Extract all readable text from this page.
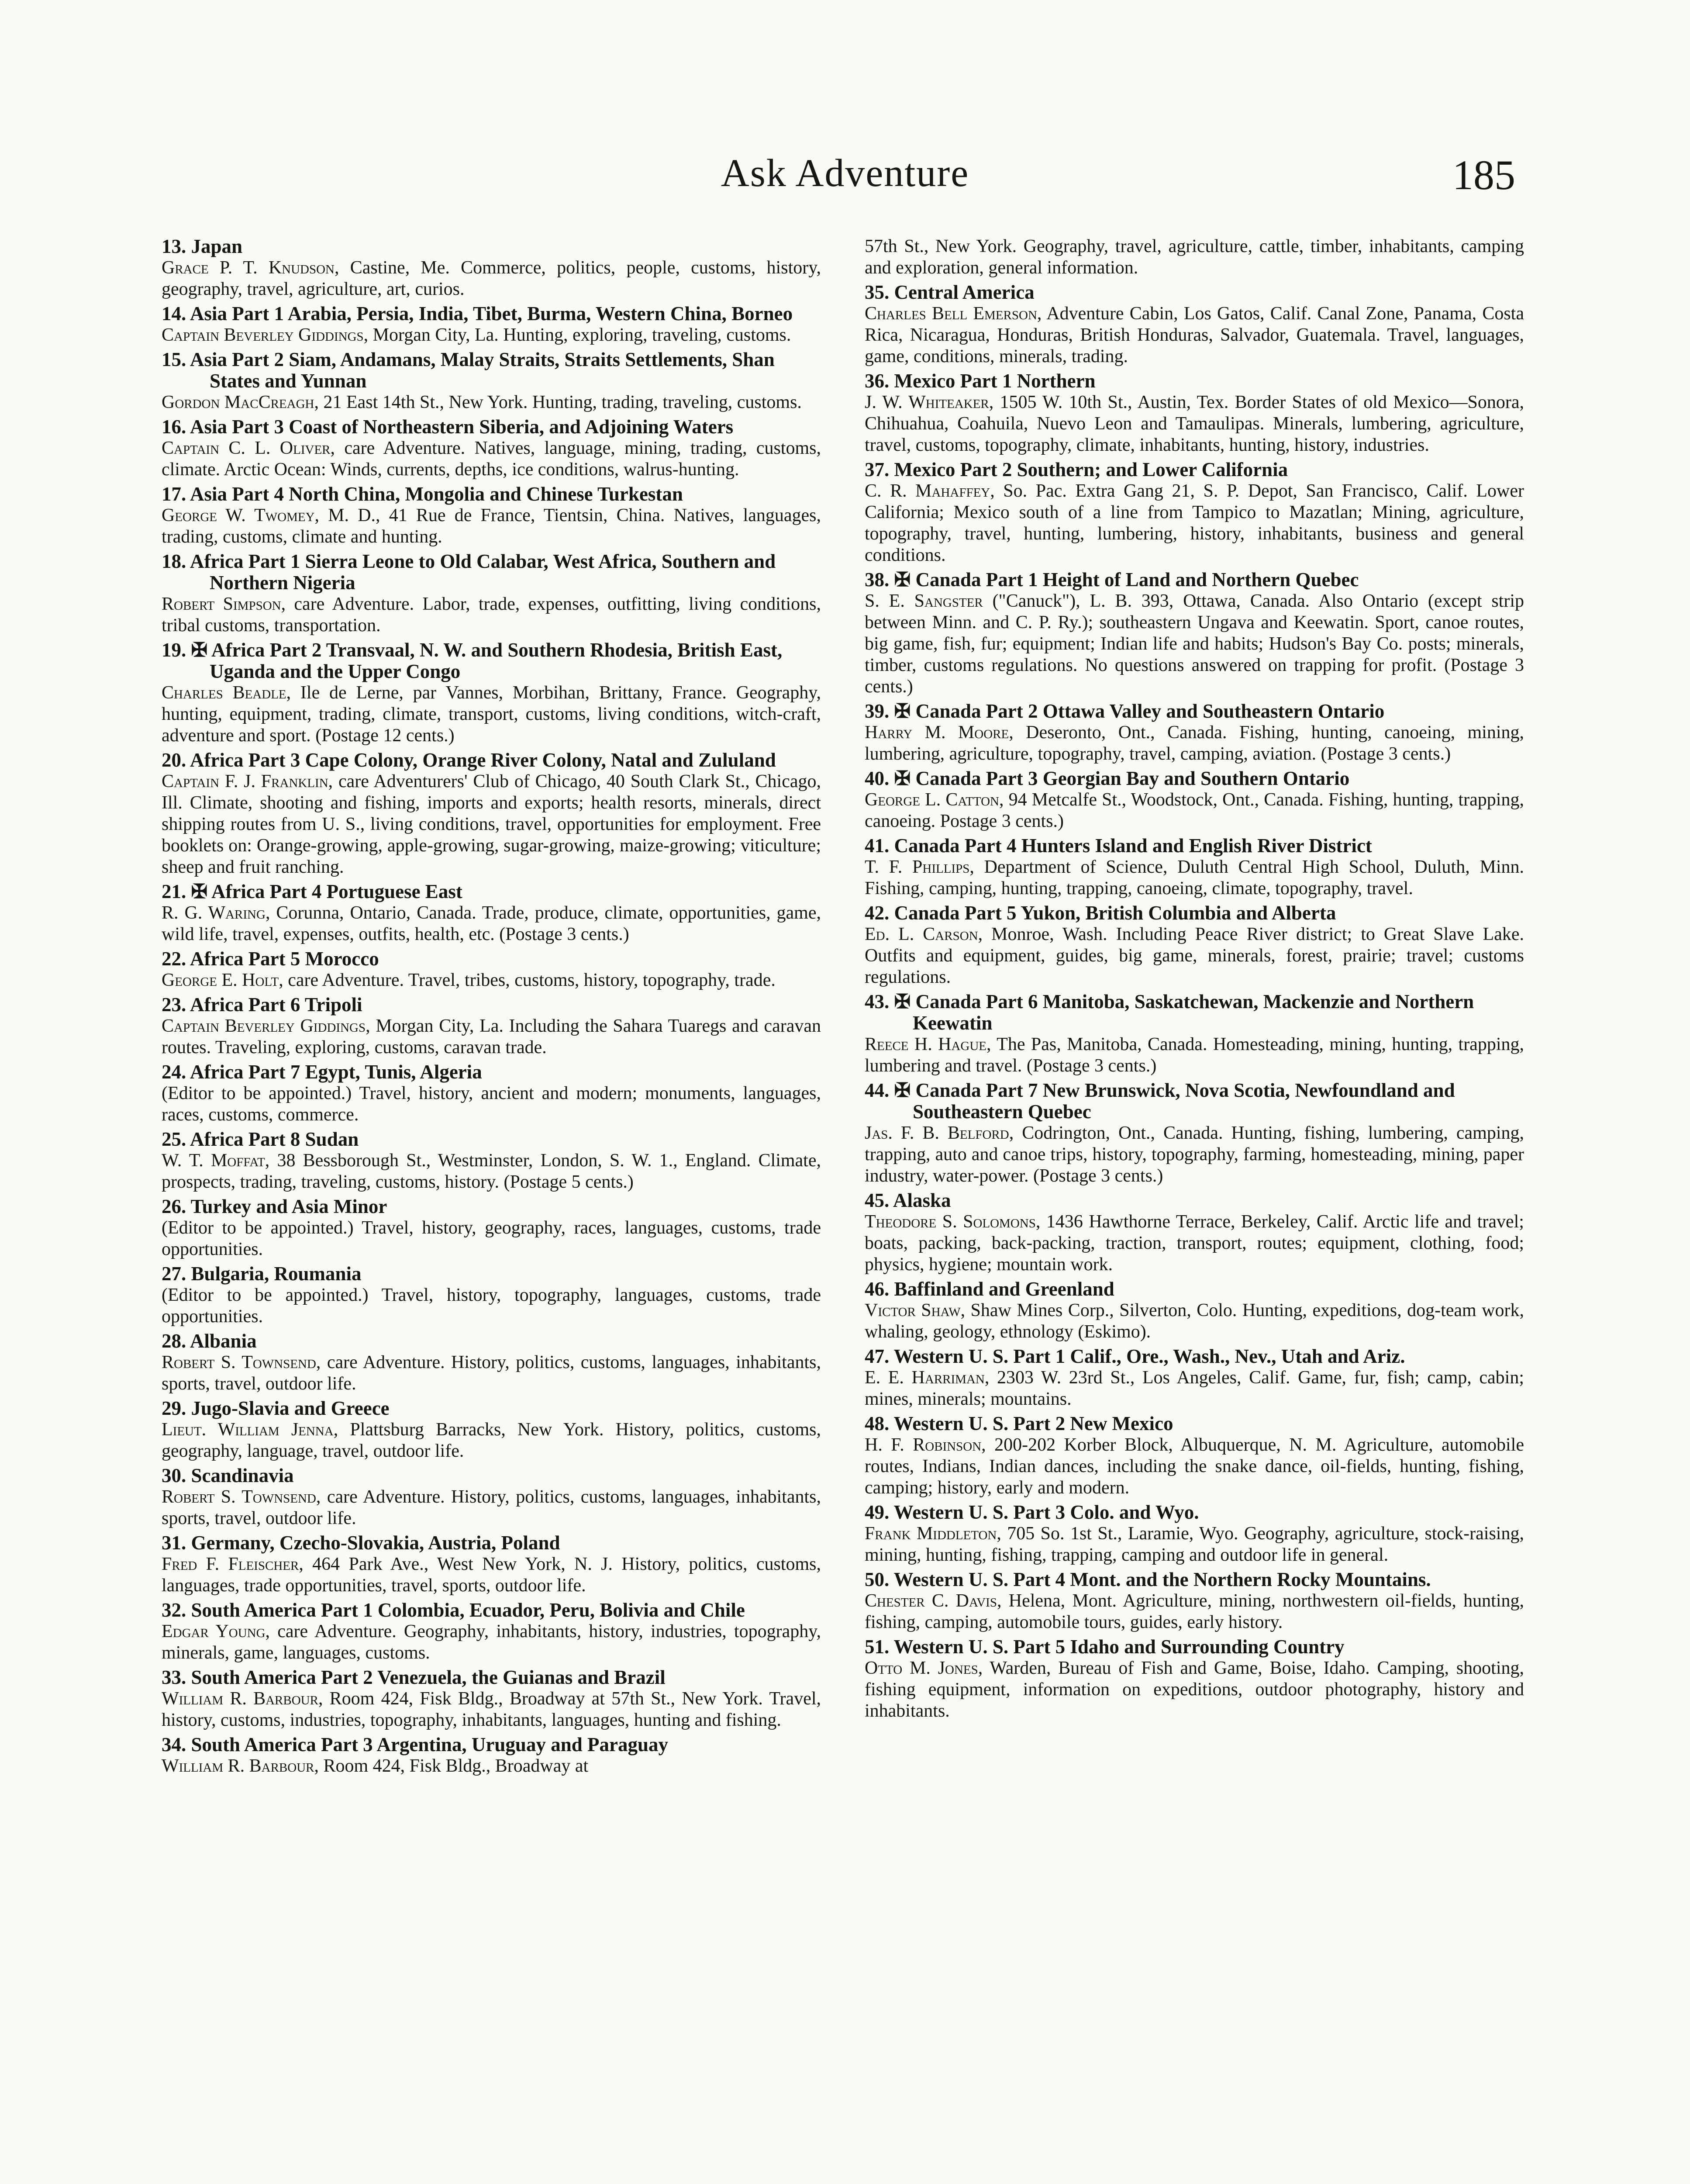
Ask Adventure	185
13. Japan
Grace P. T. Knudson, Castine, Me. Commerce, politics, people, customs, history, geography, travel, agriculture, art, curios.
14. Asia Part 1 Arabia, Persia, India, Tibet, Burma, Western China, Borneo
Captain Beverley Giddings, Morgan City, La. Hunting, exploring, traveling, customs.
15. Asia Part 2 Siam, Andamans, Malay Straits, Straits Settlements, Shan States and Yunnan
Gordon MacCreagh, 21 East 14th St., New York. Hunting, trading, traveling, customs.
16. Asia Part 3 Coast of Northeastern Siberia, and Adjoining Waters
Captain C. L. Oliver, care Adventure. Natives, language, mining, trading, customs, climate. Arctic Ocean: Winds, currents, depths, ice conditions, walrus-hunting.
17. Asia Part 4 North China, Mongolia and Chinese Turkestan
George W. Twomey, M. D., 41 Rue de France, Tientsin, China. Natives, languages, trading, customs, climate and hunting.
18. Africa Part 1 Sierra Leone to Old Calabar, West Africa, Southern and Northern Nigeria
Robert Simpson, care Adventure. Labor, trade, expenses, outfitting, living conditions, tribal customs, transportation.
19. ✠ Africa Part 2 Transvaal, N. W. and Southern Rhodesia, British East, Uganda and the Upper Congo
Charles Beadle, Ile de Lerne, par Vannes, Morbihan, Brittany, France. Geography, hunting, equipment, trading, climate, transport, customs, living conditions, witch-craft, adventure and sport. (Postage 12 cents.)
20. Africa Part 3 Cape Colony, Orange River Colony, Natal and Zululand
Captain F. J. Franklin, care Adventurers' Club of Chicago, 40 South Clark St., Chicago, Ill. Climate, shooting and fishing, imports and exports; health resorts, minerals, direct shipping routes from U. S., living conditions, travel, opportunities for employment. Free booklets on: Orange-growing, apple-growing, sugar-growing, maize-growing; viticulture; sheep and fruit ranching.
21. ✠ Africa Part 4 Portuguese East
R. G. Waring, Corunna, Ontario, Canada. Trade, produce, climate, opportunities, game, wild life, travel, expenses, outfits, health, etc. (Postage 3 cents.)
22. Africa Part 5 Morocco
George E. Holt, care Adventure. Travel, tribes, customs, history, topography, trade.
23. Africa Part 6 Tripoli
Captain Beverley Giddings, Morgan City, La. Including the Sahara Tuaregs and caravan routes. Traveling, exploring, customs, caravan trade.
24. Africa Part 7 Egypt, Tunis, Algeria
(Editor to be appointed.) Travel, history, ancient and modern; monuments, languages, races, customs, commerce.
25. Africa Part 8 Sudan
W. T. Moffat, 38 Bessborough St., Westminster, London, S. W. 1., England. Climate, prospects, trading, traveling, customs, history. (Postage 5 cents.)
26. Turkey and Asia Minor
(Editor to be appointed.) Travel, history, geography, races, languages, customs, trade opportunities.
27. Bulgaria, Roumania
(Editor to be appointed.) Travel, history, topography, languages, customs, trade opportunities.
28. Albania
Robert S. Townsend, care Adventure. History, politics, customs, languages, inhabitants, sports, travel, outdoor life.
29. Jugo-Slavia and Greece
Lieut. William Jenna, Plattsburg Barracks, New York. History, politics, customs, geography, language, travel, outdoor life.
30. Scandinavia
Robert S. Townsend, care Adventure. History, politics, customs, languages, inhabitants, sports, travel, outdoor life.
31. Germany, Czecho-Slovakia, Austria, Poland
Fred F. Fleischer, 464 Park Ave., West New York, N. J. History, politics, customs, languages, trade opportunities, travel, sports, outdoor life.
32. South America Part 1 Colombia, Ecuador, Peru, Bolivia and Chile
Edgar Young, care Adventure. Geography, inhabitants, history, industries, topography, minerals, game, languages, customs.
33. South America Part 2 Venezuela, the Guianas and Brazil
William R. Barbour, Room 424, Fisk Bldg., Broadway at 57th St., New York. Travel, history, customs, industries, topography, inhabitants, languages, hunting and fishing.
34. South America Part 3 Argentina, Uruguay and Paraguay
William R. Barbour, Room 424, Fisk Bldg., Broadway at
57th St., New York. Geography, travel, agriculture, cattle, timber, inhabitants, camping and exploration, general information.
35. Central America
Charles Bell Emerson, Adventure Cabin, Los Gatos, Calif. Canal Zone, Panama, Costa Rica, Nicaragua, Honduras, British Honduras, Salvador, Guatemala. Travel, languages, game, conditions, minerals, trading.
36. Mexico Part 1 Northern
J. W. Whiteaker, 1505 W. 10th St., Austin, Tex. Border States of old Mexico—Sonora, Chihuahua, Coahuila, Nuevo Leon and Tamaulipas. Minerals, lumbering, agriculture, travel, customs, topography, climate, inhabitants, hunting, history, industries.
37. Mexico Part 2 Southern; and Lower California
C. R. Mahaffey, So. Pac. Extra Gang 21, S. P. Depot, San Francisco, Calif. Lower California; Mexico south of a line from Tampico to Mazatlan; Mining, agriculture, topography, travel, hunting, lumbering, history, inhabitants, business and general conditions.
38. ✠ Canada Part 1 Height of Land and Northern Quebec
S. E. Sangster ("Canuck"), L. B. 393, Ottawa, Canada. Also Ontario (except strip between Minn. and C. P. Ry.); southeastern Ungava and Keewatin. Sport, canoe routes, big game, fish, fur; equipment; Indian life and habits; Hudson's Bay Co. posts; minerals, timber, customs regulations. No questions answered on trapping for profit. (Postage 3 cents.)
39. ✠ Canada Part 2 Ottawa Valley and Southeastern Ontario
Harry M. Moore, Deseronto, Ont., Canada. Fishing, hunting, canoeing, mining, lumbering, agriculture, topography, travel, camping, aviation. (Postage 3 cents.)
40. ✠ Canada Part 3 Georgian Bay and Southern Ontario
George L. Catton, 94 Metcalfe St., Woodstock, Ont., Canada. Fishing, hunting, trapping, canoeing. Postage 3 cents.)
41. Canada Part 4 Hunters Island and English River District
T. F. Phillips, Department of Science, Duluth Central High School, Duluth, Minn. Fishing, camping, hunting, trapping, canoeing, climate, topography, travel.
42. Canada Part 5 Yukon, British Columbia and Alberta
Ed. L. Carson, Monroe, Wash. Including Peace River district; to Great Slave Lake. Outfits and equipment, guides, big game, minerals, forest, prairie; travel; customs regulations.
43. ✠ Canada Part 6 Manitoba, Saskatchewan, Mackenzie and Northern Keewatin
Reece H. Hague, The Pas, Manitoba, Canada. Homesteading, mining, hunting, trapping, lumbering and travel. (Postage 3 cents.)
44. ✠ Canada Part 7 New Brunswick, Nova Scotia, Newfoundland and Southeastern Quebec
Jas. F. B. Belford, Codrington, Ont., Canada. Hunting, fishing, lumbering, camping, trapping, auto and canoe trips, history, topography, farming, homesteading, mining, paper industry, water-power. (Postage 3 cents.)
45. Alaska
Theodore S. Solomons, 1436 Hawthorne Terrace, Berkeley, Calif. Arctic life and travel; boats, packing, back-packing, traction, transport, routes; equipment, clothing, food; physics, hygiene; mountain work.
46. Baffinland and Greenland
Victor Shaw, Shaw Mines Corp., Silverton, Colo. Hunting, expeditions, dog-team work, whaling, geology, ethnology (Eskimo).
47. Western U. S. Part 1 Calif., Ore., Wash., Nev., Utah and Ariz.
E. E. Harriman, 2303 W. 23rd St., Los Angeles, Calif. Game, fur, fish; camp, cabin; mines, minerals; mountains.
48. Western U. S. Part 2 New Mexico
H. F. Robinson, 200-202 Korber Block, Albuquerque, N. M. Agriculture, automobile routes, Indians, Indian dances, including the snake dance, oil-fields, hunting, fishing, camping; history, early and modern.
49. Western U. S. Part 3 Colo. and Wyo.
Frank Middleton, 705 So. 1st St., Laramie, Wyo. Geography, agriculture, stock-raising, mining, hunting, fishing, trapping, camping and outdoor life in general.
50. Western U. S. Part 4 Mont. and the Northern Rocky Mountains.
Chester C. Davis, Helena, Mont. Agriculture, mining, northwestern oil-fields, hunting, fishing, camping, automobile tours, guides, early history.
51. Western U. S. Part 5 Idaho and Surrounding Country
Otto M. Jones, Warden, Bureau of Fish and Game, Boise, Idaho. Camping, shooting, fishing equipment, information on expeditions, outdoor photography, history and inhabitants.
